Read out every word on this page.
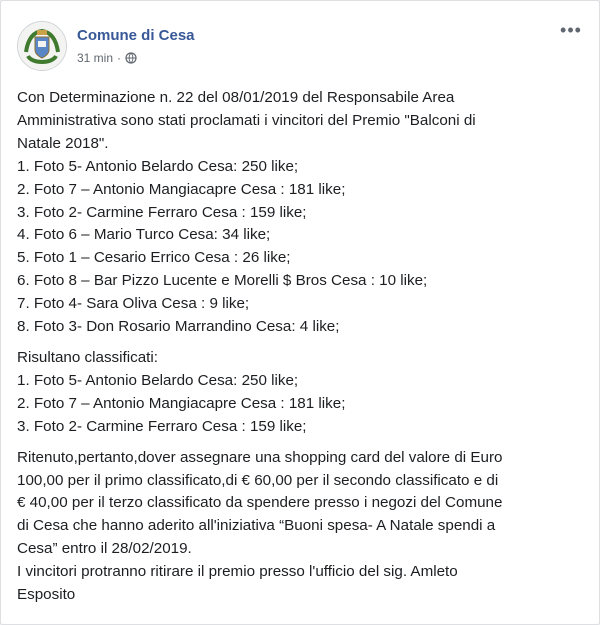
Comune di Cesa
31 min ·
•••
Con Determinazione n. 22 del 08/01/2019 del Responsabile Area
Amministrativa sono stati proclamati i vincitori del Premio "Balconi di
Natale 2018".
1. Foto 5- Antonio Belardo Cesa: 250 like;
2. Foto 7 – Antonio Mangiacapre Cesa : 181 like;
3. Foto 2- Carmine Ferraro Cesa : 159 like;
4. Foto 6 – Mario Turco Cesa: 34 like;
5. Foto 1 – Cesario Errico Cesa : 26 like;
6. Foto 8 – Bar Pizzo Lucente e Morelli $ Bros Cesa : 10 like;
7. Foto 4- Sara Oliva Cesa : 9 like;
8. Foto 3- Don Rosario Marrandino Cesa: 4 like;
Risultano classificati:
1. Foto 5- Antonio Belardo Cesa: 250 like;
2. Foto 7 – Antonio Mangiacapre Cesa : 181 like;
3. Foto 2- Carmine Ferraro Cesa : 159 like;
Ritenuto,pertanto,dover assegnare una shopping card del valore di Euro
100,00 per il primo classificato,di € 60,00 per il secondo classificato e di
€ 40,00 per il terzo classificato da spendere presso i negozi del Comune
di Cesa che hanno aderito all'iniziativa “Buoni spesa- A Natale spendi a
Cesa” entro il 28/02/2019.
I vincitori protranno ritirare il premio presso l'ufficio del sig. Amleto
Esposito
